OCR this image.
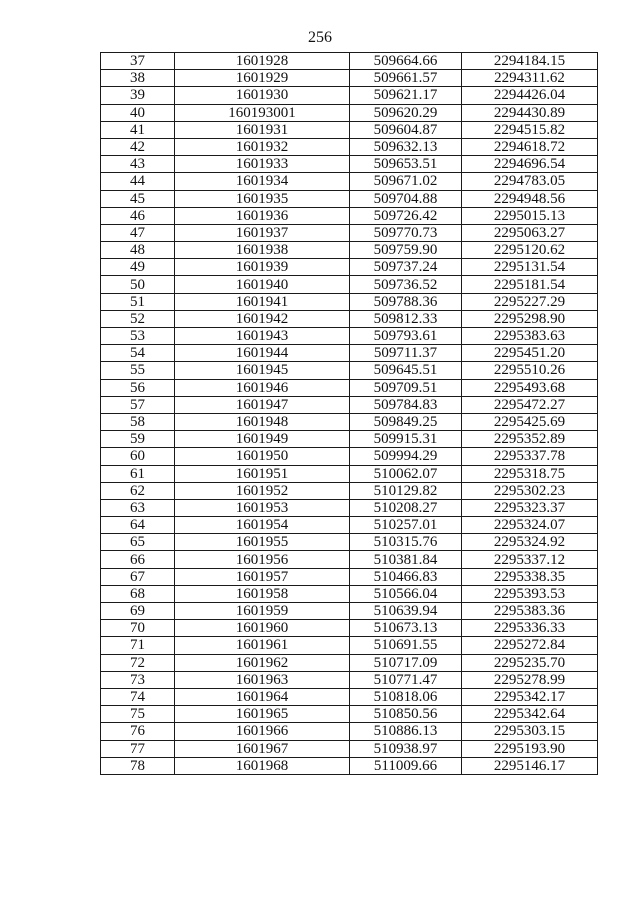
256
37	1601928	509664.66	2294184.15
38	1601929	509661.57	2294311.62
39	1601930	509621.17	2294426.04
40	160193001	509620.29	2294430.89
41	1601931	509604.87	2294515.82
42	1601932	509632.13	2294618.72
43	1601933	509653.51	2294696.54
44	1601934	509671.02	2294783.05
45	1601935	509704.88	2294948.56
46	1601936	509726.42	2295015.13
47	1601937	509770.73	2295063.27
48	1601938	509759.90	2295120.62
49	1601939	509737.24	2295131.54
50	1601940	509736.52	2295181.54
51	1601941	509788.36	2295227.29
52	1601942	509812.33	2295298.90
53	1601943	509793.61	2295383.63
54	1601944	509711.37	2295451.20
55	1601945	509645.51	2295510.26
56	1601946	509709.51	2295493.68
57	1601947	509784.83	2295472.27
58	1601948	509849.25	2295425.69
59	1601949	509915.31	2295352.89
60	1601950	509994.29	2295337.78
61	1601951	510062.07	2295318.75
62	1601952	510129.82	2295302.23
63	1601953	510208.27	2295323.37
64	1601954	510257.01	2295324.07
65	1601955	510315.76	2295324.92
66	1601956	510381.84	2295337.12
67	1601957	510466.83	2295338.35
68	1601958	510566.04	2295393.53
69	1601959	510639.94	2295383.36
70	1601960	510673.13	2295336.33
71	1601961	510691.55	2295272.84
72	1601962	510717.09	2295235.70
73	1601963	510771.47	2295278.99
74	1601964	510818.06	2295342.17
75	1601965	510850.56	2295342.64
76	1601966	510886.13	2295303.15
77	1601967	510938.97	2295193.90
78	1601968	511009.66	2295146.17
